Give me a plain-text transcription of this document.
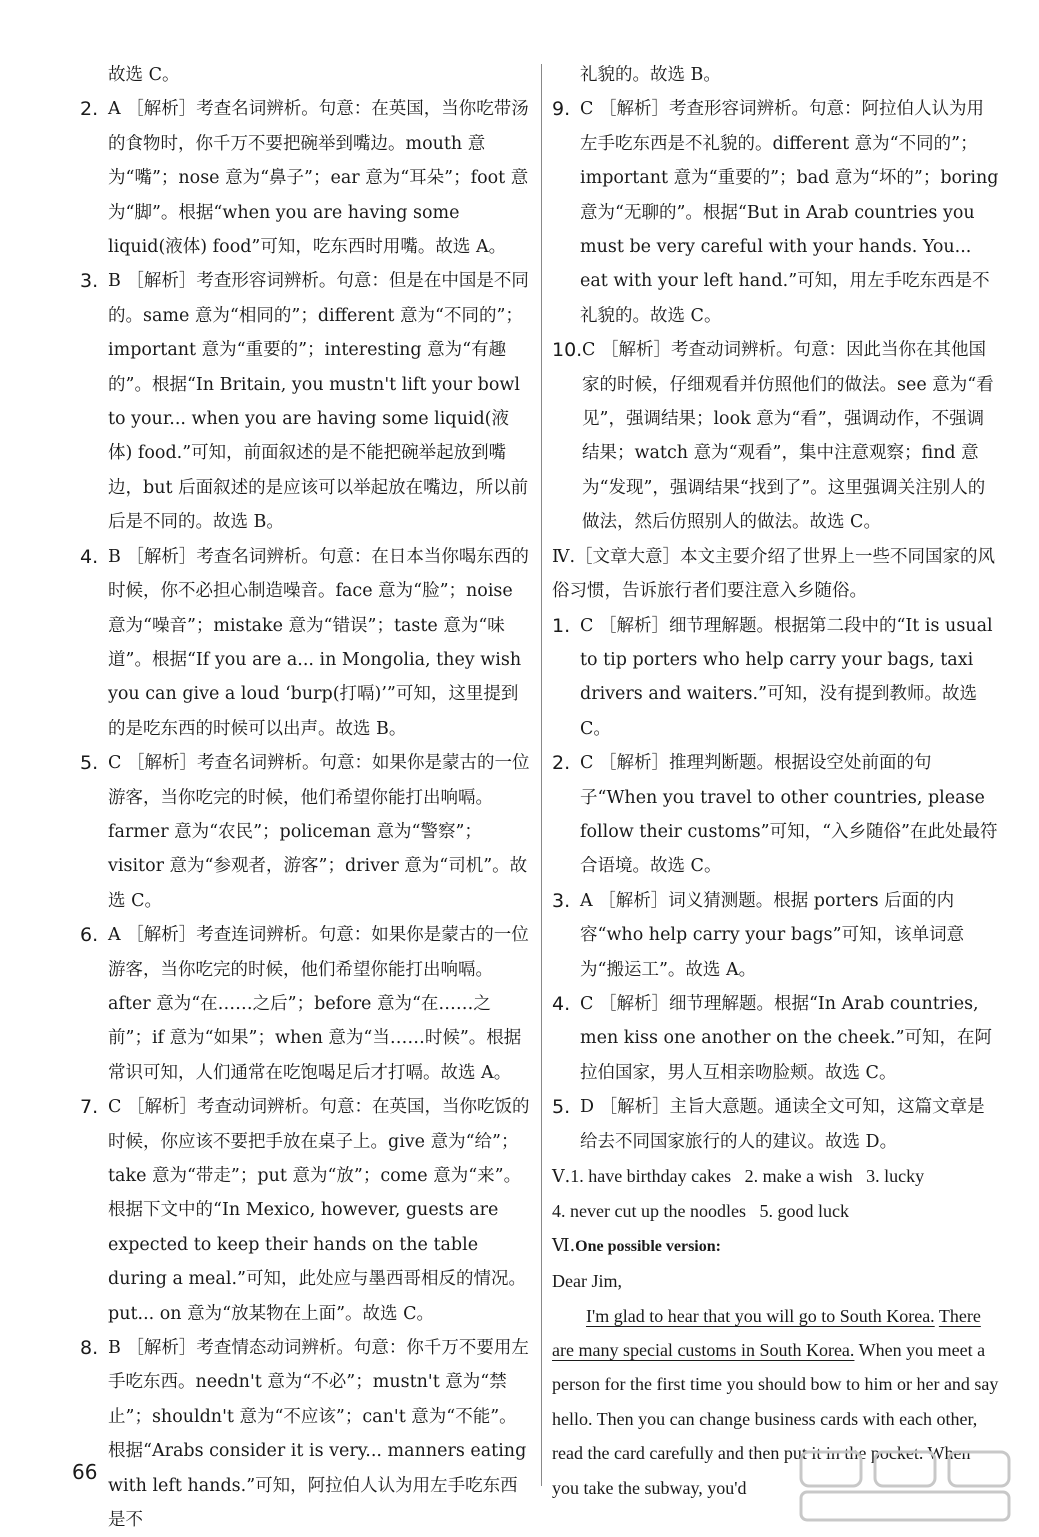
故选 C。
2. A ［解析］考查名词辨析。句意：在英国，当你吃带汤的食物时，你千万不要把碗举到嘴边。mouth 意为“嘴”；nose 意为“鼻子”；ear 意为“耳朵”；foot 意为“脚”。根据“when you are having some liquid(液体) food”可知，吃东西时用嘴。故选 A。
3. B ［解析］考查形容词辨析。句意：但是在中国是不同的。same 意为“相同的”；different 意为“不同的”；important 意为“重要的”；interesting 意为“有趣的”。根据“In Britain, you mustn't lift your bowl to your... when you are having some liquid(液体) food.”可知，前面叙述的是不能把碗举起放到嘴边，but 后面叙述的是应该可以举起放在嘴边，所以前后是不同的。故选 B。
4. B ［解析］考查名词辨析。句意：在日本当你喝东西的时候，你不必担心制造噪音。face 意为“脸”；noise 意为“噪音”；mistake 意为“错误”；taste 意为“味道”。根据“If you are a... in Mongolia, they wish you can give a loud ‘burp(打嗝)’”可知，这里提到的是吃东西的时候可以出声。故选 B。
5. C ［解析］考查名词辨析。句意：如果你是蒙古的一位游客，当你吃完的时候，他们希望你能打出响嗝。farmer 意为“农民”；policeman 意为“警察”；visitor 意为“参观者，游客”；driver 意为“司机”。故选 C。
6. A ［解析］考查连词辨析。句意：如果你是蒙古的一位游客，当你吃完的时候，他们希望你能打出响嗝。after 意为“在……之后”；before 意为“在……之前”；if 意为“如果”；when 意为“当……时候”。根据常识可知，人们通常在吃饱喝足后才打嗝。故选 A。
7. C ［解析］考查动词辨析。句意：在英国，当你吃饭的时候，你应该不要把手放在桌子上。give 意为“给”；take 意为“带走”；put 意为“放”；come 意为“来”。根据下文中的“In Mexico, however, guests are expected to keep their hands on the table during a meal.”可知，此处应与墨西哥相反的情况。put... on 意为“放某物在上面”。故选 C。
8. B ［解析］考查情态动词辨析。句意：你千万不要用左手吃东西。needn't 意为“不必”；mustn't 意为“禁止”；shouldn't 意为“不应该”；can't 意为“不能”。根据“Arabs consider it is very... manners eating with left hands.”可知，阿拉伯人认为用左手吃东西是不
礼貌的。故选 B。
9. C ［解析］考查形容词辨析。句意：阿拉伯人认为用左手吃东西是不礼貌的。different 意为“不同的”；important 意为“重要的”；bad 意为“坏的”；boring 意为“无聊的”。根据“But in Arab countries you must be very careful with your hands. You... eat with your left hand.”可知，用左手吃东西是不礼貌的。故选 C。
10. C ［解析］考查动词辨析。句意：因此当你在其他国家的时候，仔细观看并仿照他们的做法。see 意为“看见”，强调结果；look 意为“看”，强调动作，不强调结果；watch 意为“观看”，集中注意观察；find 意为“发现”，强调结果“找到了”。这里强调关注别人的做法，然后仿照别人的做法。故选 C。
Ⅳ.［文章大意］本文主要介绍了世界上一些不同国家的风俗习惯，告诉旅行者们要注意入乡随俗。
1. C ［解析］细节理解题。根据第二段中的“It is usual to tip porters who help carry your bags, taxi drivers and waiters.”可知，没有提到教师。故选 C。
2. C ［解析］推理判断题。根据设空处前面的句子“When you travel to other countries, please follow their customs”可知，“入乡随俗”在此处最符合语境。故选 C。
3. A ［解析］词义猜测题。根据 porters 后面的内容“who help carry your bags”可知，该单词意为“搬运工”。故选 A。
4. C ［解析］细节理解题。根据“In Arab countries, men kiss one another on the cheek.”可知，在阿拉伯国家，男人互相亲吻脸颊。故选 C。
5. D ［解析］主旨大意题。通读全文可知，这篇文章是给去不同国家旅行的人的建议。故选 D。
Ⅴ.1. have birthday cakes   2. make a wish   3. lucky
4. never cut up the noodles   5. good luck
Ⅵ.One possible version:
Dear Jim,
I'm glad to hear that you will go to South Korea. There are many special customs in South Korea. When you meet a person for the first time you should bow to him or her and say hello. Then you can change business cards with each other, read the card carefully and then put it in the pocket. When you take the subway, you'd
66
